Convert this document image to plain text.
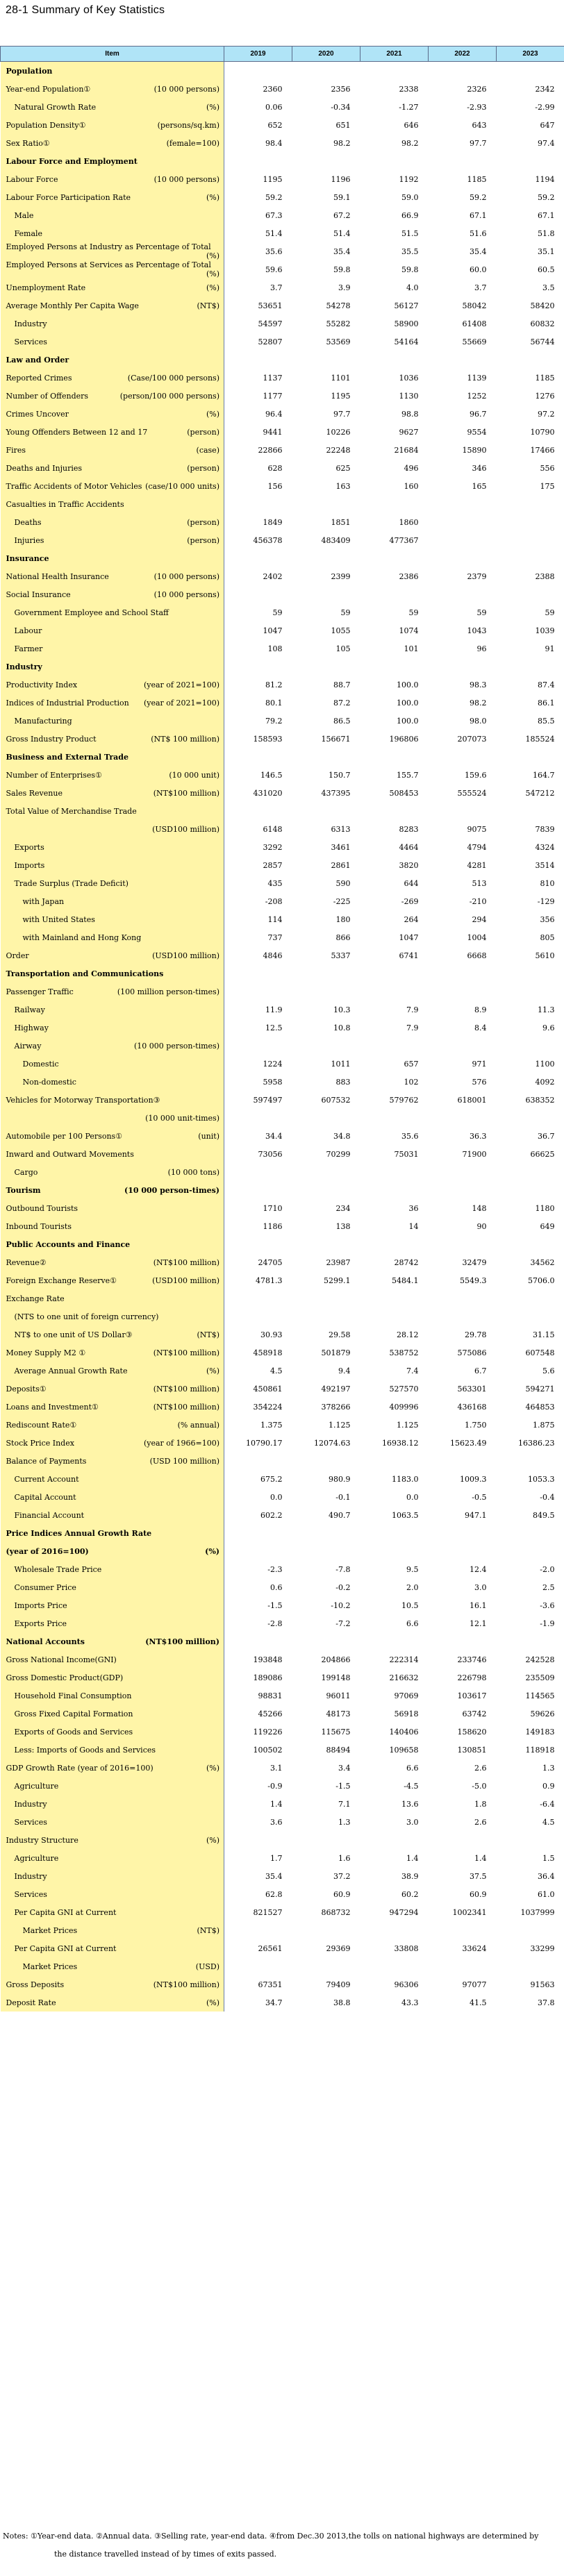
28-1 Summary of Key Statistics
Item	2019	2020	2021	2022	2023

Population					

Year-end Population① (10 000 persons)	2360	2356	2338	2326	2342

Natural Growth Rate (%)	0.06	-0.34	-1.27	-2.93	-2.99

Population Density① (persons/sq.km)	652	651	646	643	647

Sex Ratio① (female=100)	98.4	98.2	98.2	97.7	97.4

Labour Force and Employment					

Labour Force (10 000 persons)	1195	1196	1192	1185	1194

Labour Force Participation Rate (%)	59.2	59.1	59.0	59.2	59.2

Male	67.3	67.2	66.9	67.1	67.1

Female	51.4	51.4	51.5	51.6	51.8

Employed Persons at Industry as Percentage of Total
(%)	35.6	35.4	35.5	35.4	35.1

Employed Persons at Services as Percentage of Total
(%)	59.6	59.8	59.8	60.0	60.5

Unemployment Rate (%)	3.7	3.9	4.0	3.7	3.5

Average Monthly Per Capita Wage (NT$)	53651	54278	56127	58042	58420

Industry	54597	55282	58900	61408	60832

Services	52807	53569	54164	55669	56744

Law and Order					

Reported Crimes (Case/100 000 persons)	1137	1101	1036	1139	1185

Number of Offenders (person/100 000 persons)	1177	1195	1130	1252	1276

Crimes Uncover (%)	96.4	97.7	98.8	96.7	97.2

Young Offenders Between 12 and 17 (person)	9441	10226	9627	9554	10790

Fires (case)	22866	22248	21684	15890	17466

Deaths and Injuries (person)	628	625	496	346	556

Traffic Accidents of Motor Vehicles (case/10 000 units)	156	163	160	165	175

Casualties in Traffic Accidents					

Deaths (person)	1849	1851	1860		

Injuries (person)	456378	483409	477367		

Insurance					

National Health Insurance (10 000 persons)	2402	2399	2386	2379	2388

Social Insurance (10 000 persons)					

Government Employee and School Staff	59	59	59	59	59

Labour	1047	1055	1074	1043	1039

Farmer	108	105	101	96	91

Industry					

Productivity Index (year of 2021=100)	81.2	88.7	100.0	98.3	87.4

Indices of Industrial Production (year of 2021=100)	80.1	87.2	100.0	98.2	86.1

Manufacturing	79.2	86.5	100.0	98.0	85.5

Gross Industry Product (NT$ 100 million)	158593	156671	196806	207073	185524

Business and External Trade					

Number of Enterprises① (10 000 unit)	146.5	150.7	155.7	159.6	164.7

Sales Revenue (NT$100 million)	431020	437395	508453	555524	547212

Total Value of Merchandise Trade					

(USD100 million)	6148	6313	8283	9075	7839

Exports	3292	3461	4464	4794	4324

Imports	2857	2861	3820	4281	3514

Trade Surplus (Trade Deficit)	435	590	644	513	810

with Japan	-208	-225	-269	-210	-129

with United States	114	180	264	294	356

with Mainland and Hong Kong	737	866	1047	1004	805

Order (USD100 million)	4846	5337	6741	6668	5610

Transportation and Communications					

Passenger Traffic (100 million person-times)					

Railway	11.9	10.3	7.9	8.9	11.3

Highway	12.5	10.8	7.9	8.4	9.6

Airway (10 000 person-times)					

Domestic	1224	1011	657	971	1100

Non-domestic	5958	883	102	576	4092

Vehicles for Motorway Transportation③	597497	607532	579762	618001	638352

(10 000 unit-times)					

Automobile per 100 Persons① (unit)	34.4	34.8	35.6	36.3	36.7

Inward and Outward Movements	73056	70299	75031	71900	66625

Cargo (10 000 tons)					

Tourism (10 000 person-times)					

Outbound Tourists	1710	234	36	148	1180

Inbound Tourists	1186	138	14	90	649

Public Accounts and Finance					

Revenue② (NT$100 million)	24705	23987	28742	32479	34562

Foreign Exchange Reserve① (USD100 million)	4781.3	5299.1	5484.1	5549.3	5706.0

Exchange Rate					

(NTS to one unit of foreign currency)					

NT$ to one unit of US Dollar③ (NT$)	30.93	29.58	28.12	29.78	31.15

Money Supply M2 ① (NT$100 million)	458918	501879	538752	575086	607548

Average Annual Growth Rate (%)	4.5	9.4	7.4	6.7	5.6

Deposits① (NT$100 million)	450861	492197	527570	563301	594271

Loans and Investment① (NT$100 million)	354224	378266	409996	436168	464853

Rediscount Rate① (% annual)	1.375	1.125	1.125	1.750	1.875

Stock Price Index (year of 1966=100)	10790.17	12074.63	16938.12	15623.49	16386.23

Balance of Payments (USD 100 million)					

Current Account	675.2	980.9	1183.0	1009.3	1053.3

Capital Account	0.0	-0.1	0.0	-0.5	-0.4

Financial Account	602.2	490.7	1063.5	947.1	849.5

Price Indices Annual Growth Rate					

(year of 2016=100) (%)					

Wholesale Trade Price	-2.3	-7.8	9.5	12.4	-2.0

Consumer Price	0.6	-0.2	2.0	3.0	2.5

Imports Price	-1.5	-10.2	10.5	16.1	-3.6

Exports Price	-2.8	-7.2	6.6	12.1	-1.9

National Accounts (NT$100 million)					

Gross National Income(GNI)	193848	204866	222314	233746	242528

Gross Domestic Product(GDP)	189086	199148	216632	226798	235509

Household Final Consumption	98831	96011	97069	103617	114565

Gross Fixed Capital Formation	45266	48173	56918	63742	59626

Exports of Goods and Services	119226	115675	140406	158620	149183

Less: Imports of Goods and Services	100502	88494	109658	130851	118918

GDP Growth Rate (year of 2016=100) (%)	3.1	3.4	6.6	2.6	1.3

Agriculture	-0.9	-1.5	-4.5	-5.0	0.9

Industry	1.4	7.1	13.6	1.8	-6.4

Services	3.6	1.3	3.0	2.6	4.5

Industry Structure (%)					

Agriculture	1.7	1.6	1.4	1.4	1.5

Industry	35.4	37.2	38.9	37.5	36.4

Services	62.8	60.9	60.2	60.9	61.0

Per Capita GNI at Current	821527	868732	947294	1002341	1037999

Market Prices (NT$)					

Per Capita GNI at Current	26561	29369	33808	33624	33299

Market Prices (USD)					

Gross Deposits (NT$100 million)	67351	79409	96306	97077	91563

Deposit Rate (%)	34.7	38.8	43.3	41.5	37.8
Notes: ①Year-end data. ②Annual data. ③Selling rate, year-end data. ④from Dec.30 2013,the tolls on national highways are determined by
the distance travelled instead of by times of exits passed.
